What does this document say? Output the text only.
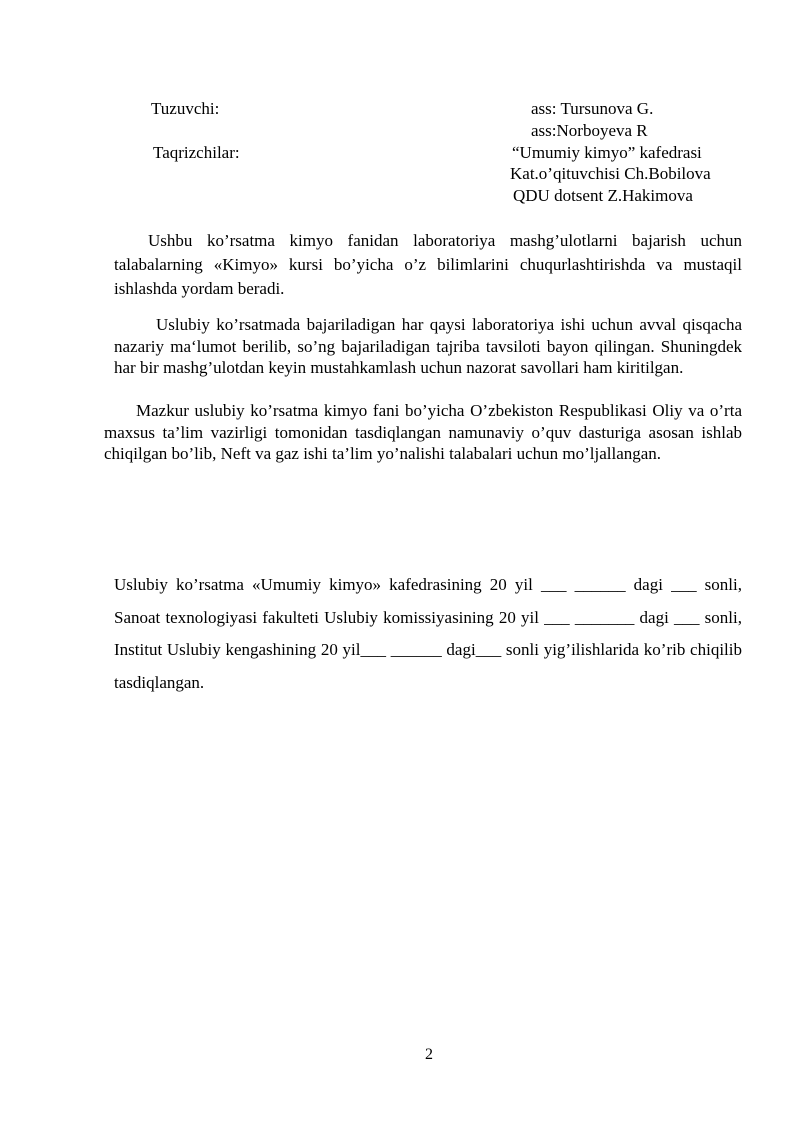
Tuzuvchi:	ass: Tursunova G.
ass:Norboyeva R
Taqrizchilar:	“Umumiy kimyo” kafedrasi
Kat.o’qituvchisi Ch.Bobilova
QDU dotsent Z.Hakimova
Ushbu ko’rsatma kimyo fanidan laboratoriya mashg’ulotlarni bajarish uchun talabalarning «Kimyo» kursi bo’yicha o’z bilimlarini chuqurlashtirishda va mustaqil ishlashda yordam beradi.
Uslubiy ko’rsatmada bajariladigan har qaysi laboratoriya ishi uchun avval qisqacha nazariy ma‘lumot berilib, so’ng bajariladigan tajriba tavsiloti bayon qilingan. Shuningdek har bir mashg’ulotdan keyin mustahkamlash uchun nazorat savollari ham kiritilgan.
Mazkur uslubiy ko’rsatma kimyo fani bo’yicha O’zbekiston Respublikasi Oliy va o’rta maxsus ta’lim vazirligi tomonidan tasdiqlangan namunaviy o’quv dasturiga asosan ishlab chiqilgan bo’lib, Neft va gaz ishi ta’lim yo’nalishi talabalari uchun mo’ljallangan.
Uslubiy ko’rsatma «Umumiy kimyo» kafedrasining 20 yil ___ ______ dagi ___ sonli, Sanoat texnologiyasi fakulteti Uslubiy komissiyasining 20 yil ___ _______ dagi ___ sonli, Institut Uslubiy kengashining 20 yil___ ______ dagi___ sonli yig’ilishlarida ko’rib chiqilib tasdiqlangan.
2
